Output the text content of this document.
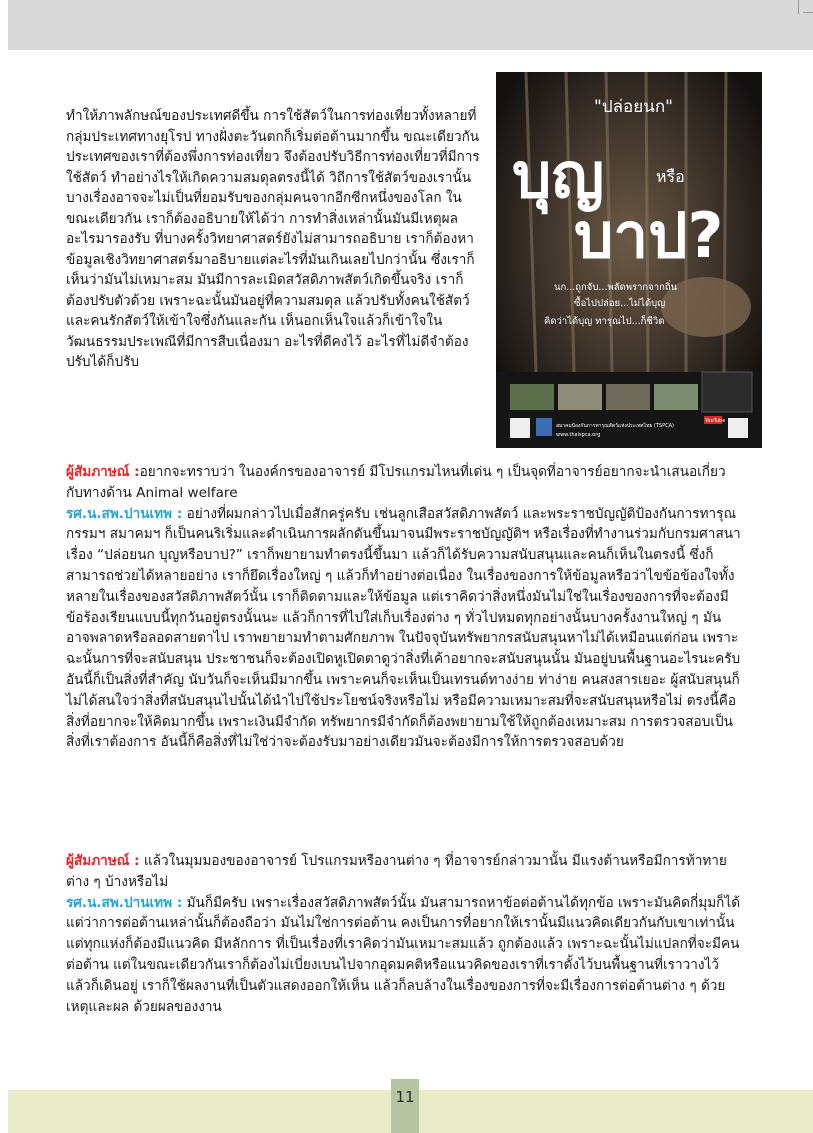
ทำให้ภาพลักษณ์ของประเทศดีขึ้น การใช้สัตว์ในการท่องเที่ยวทั้งหลายที่กลุ่มประเทศทางยุโรป ทางฝั่งตะวันตกก็เริ่มต่อต้านมากขึ้น ขณะเดียวกันประเทศของเราที่ต้องพึ่งการท่องเที่ยว จึงต้องปรับวิธีการท่องเที่ยวที่มีการใช้สัตว์ ทำอย่างไรให้เกิดความสมดุลตรงนี้ได้ วิถีการใช้สัตว์ของเรานั้น บางเรื่องอาจจะไม่เป็นที่ยอมรับของกลุ่มคนจากอีกซีกหนึ่งของโลก ในขณะเดียวกัน เราก็ต้องอธิบายให้ได้ว่า การทำสิ่งเหล่านั้นมันมีเหตุผลอะไรมารองรับ ที่บางครั้งวิทยาศาสตร์ยังไม่สามารถอธิบาย เราก็ต้องหาข้อมูลเชิงวิทยาศาสตร์มาอธิบายแต่ละไรที่มันเกินเลยไปกว่านั้น ซึ่งเราก็เห็นว่ามันไม่เหมาะสม มันมีการละเมิดสวัสดิภาพสัตว์เกิดขึ้นจริง เราก็ต้องปรับตัวด้วย เพราะฉะนั้นมันอยู่ที่ความสมดุล แล้วปรับทั้งคนใช้สัตว์และคนรักสัตว์ให้เข้าใจซึ่งกันและกัน เห็นอกเห็นใจแล้วก็เข้าใจในวัฒนธรรมประเพณีที่มีการสืบเนื่องมา อะไรที่ดีคงไว้ อะไรที่ไม่ดีจำต้องปรับได้ก็ปรับ

"ปล่อยนก"
บุญ	หรือ
บาป?
นก...ถูกจับ...พลัดพรากจากถิ่น
ซื้อไปปล่อย...ไม่ได้บุญ
คิดว่าได้บุญ ทารุณไป...ก็ชีวิต
สมาคมป้องกันการทารุณสัตว์แห่งประเทศไทย (TSPCA)
www.thaispca.org
YouTube

ผู้สัมภาษณ์ :อยากจะทราบว่า ในองค์กรของอาจารย์ มีโปรแกรมไหนที่เด่น ๆ เป็นจุดที่อาจารย์อยากจะนำเสนอเกี่ยวกับทางด้าน Animal welfare

รศ.น.สพ.ปานเทพ : อย่างที่ผมกล่าวไปเมื่อสักครู่ครับ เช่นลูกเสือสวัสดิภาพสัตว์ และพระราชบัญญัติป้องกันการทารุณกรรมฯ สมาคมฯ ก็เป็นคนริเริ่มและดำเนินการผลักดันขึ้นมาจนมีพระราชบัญญัติฯ หรือเรื่องที่ทำงานร่วมกับกรมศาสนา เรื่อง “ปล่อยนก บุญหรือบาป?” เราก็พยายามทำตรงนี้ขึ้นมา แล้วก็ได้รับความสนับสนุนและคนก็เห็นในตรงนี้ ซึ่งก็สามารถช่วยได้หลายอย่าง เราก็ยึดเรื่องใหญ่ ๆ แล้วก็ทำอย่างต่อเนื่อง ในเรื่องของการให้ข้อมูลหรือว่าไขข้อข้องใจทั้งหลายในเรื่องของสวัสดิภาพสัตว์นั้น เราก็ติดตามและให้ข้อมูล แต่เราคิดว่าสิ่งหนึ่งมันไม่ใช่ในเรื่องของการที่จะต้องมีข้อร้องเรียนแบบนี้ทุกวันอยู่ตรงนั้นนะ แล้วก็การที่ไปใส่เก็บเรื่องต่าง ๆ ทั่วไปหมดทุกอย่างนั้นบางครั้งงานใหญ่ ๆ มันอาจพลาดหรือลอดสายตาไป เราพยายามทำตามศักยภาพ ในปัจจุบันทรัพยากรสนับสนุนหาไม่ได้เหมือนแต่ก่อน เพราะฉะนั้นการที่จะสนับสนุน ประชาชนก็จะต้องเปิดหูเปิดตาดูว่าสิ่งที่เค้าอยากจะสนับสนุนนั้น มันอยู่บนพื้นฐานอะไรนะครับ อันนี้ก็เป็นสิ่งที่สำคัญ นับวันก็จะเห็นมีมากขึ้น เพราะคนก็จะเห็นเป็นเทรนด์ทางง่าย ท่าง่าย คนสงสารเยอะ ผู้สนับสนุนก็ไม่ได้สนใจว่าสิ่งที่สนับสนุนไปนั้นได้นำไปใช้ประโยชน์จริงหรือไม่ หรือมีความเหมาะสมที่จะสนับสนุนหรือไม่ ตรงนี้คือสิ่งที่อยากจะให้คิดมากขึ้น เพราะเงินมีจำกัด ทรัพยากรมีจำกัดก็ต้องพยายามใช้ให้ถูกต้องเหมาะสม การตรวจสอบเป็นสิ่งที่เราต้องการ อันนี้ก็คือสิ่งที่ไม่ใช่ว่าจะต้องรับมาอย่างเดียวมันจะต้องมีการให้การตรวจสอบด้วย

ผู้สัมภาษณ์ : แล้วในมุมมองของอาจารย์ โปรแกรมหรืองานต่าง ๆ ที่อาจารย์กล่าวมานั้น มีแรงต้านหรือมีการท้าทายต่าง ๆ บ้างหรือไม่

รศ.น.สพ.ปานเทพ : มันก็มีครับ เพราะเรื่องสวัสดิภาพสัตว์นั้น มันสามารถหาข้อต่อต้านได้ทุกข้อ เพราะมันคิดกี่มุมก็ได้ แต่ว่าการต่อต้านเหล่านั้นก็ต้องถือว่า มันไม่ใช่การต่อต้าน คงเป็นการที่อยากให้เรานั้นมีแนวคิดเดียวกันกับเขาเท่านั้น แต่ทุกแห่งก็ต้องมีแนวคิด มีหลักการ ที่เป็นเรื่องที่เราคิดว่ามันเหมาะสมแล้ว ถูกต้องแล้ว เพราะฉะนั้นไม่แปลกที่จะมีคนต่อต้าน แต่ในขณะเดียวกันเราก็ต้องไม่เบี่ยงเบนไปจากอุดมคติหรือแนวคิดของเราที่เราตั้งไว้บนพื้นฐานที่เราวางไว้แล้วก็เดินอยู่ เราก็ใช้ผลงานที่เป็นตัวแสดงออกให้เห็น แล้วก็ลบล้างในเรื่องของการที่จะมีเรื่องการต่อต้านต่าง ๆ ด้วยเหตุและผล ด้วยผลของงาน

11
